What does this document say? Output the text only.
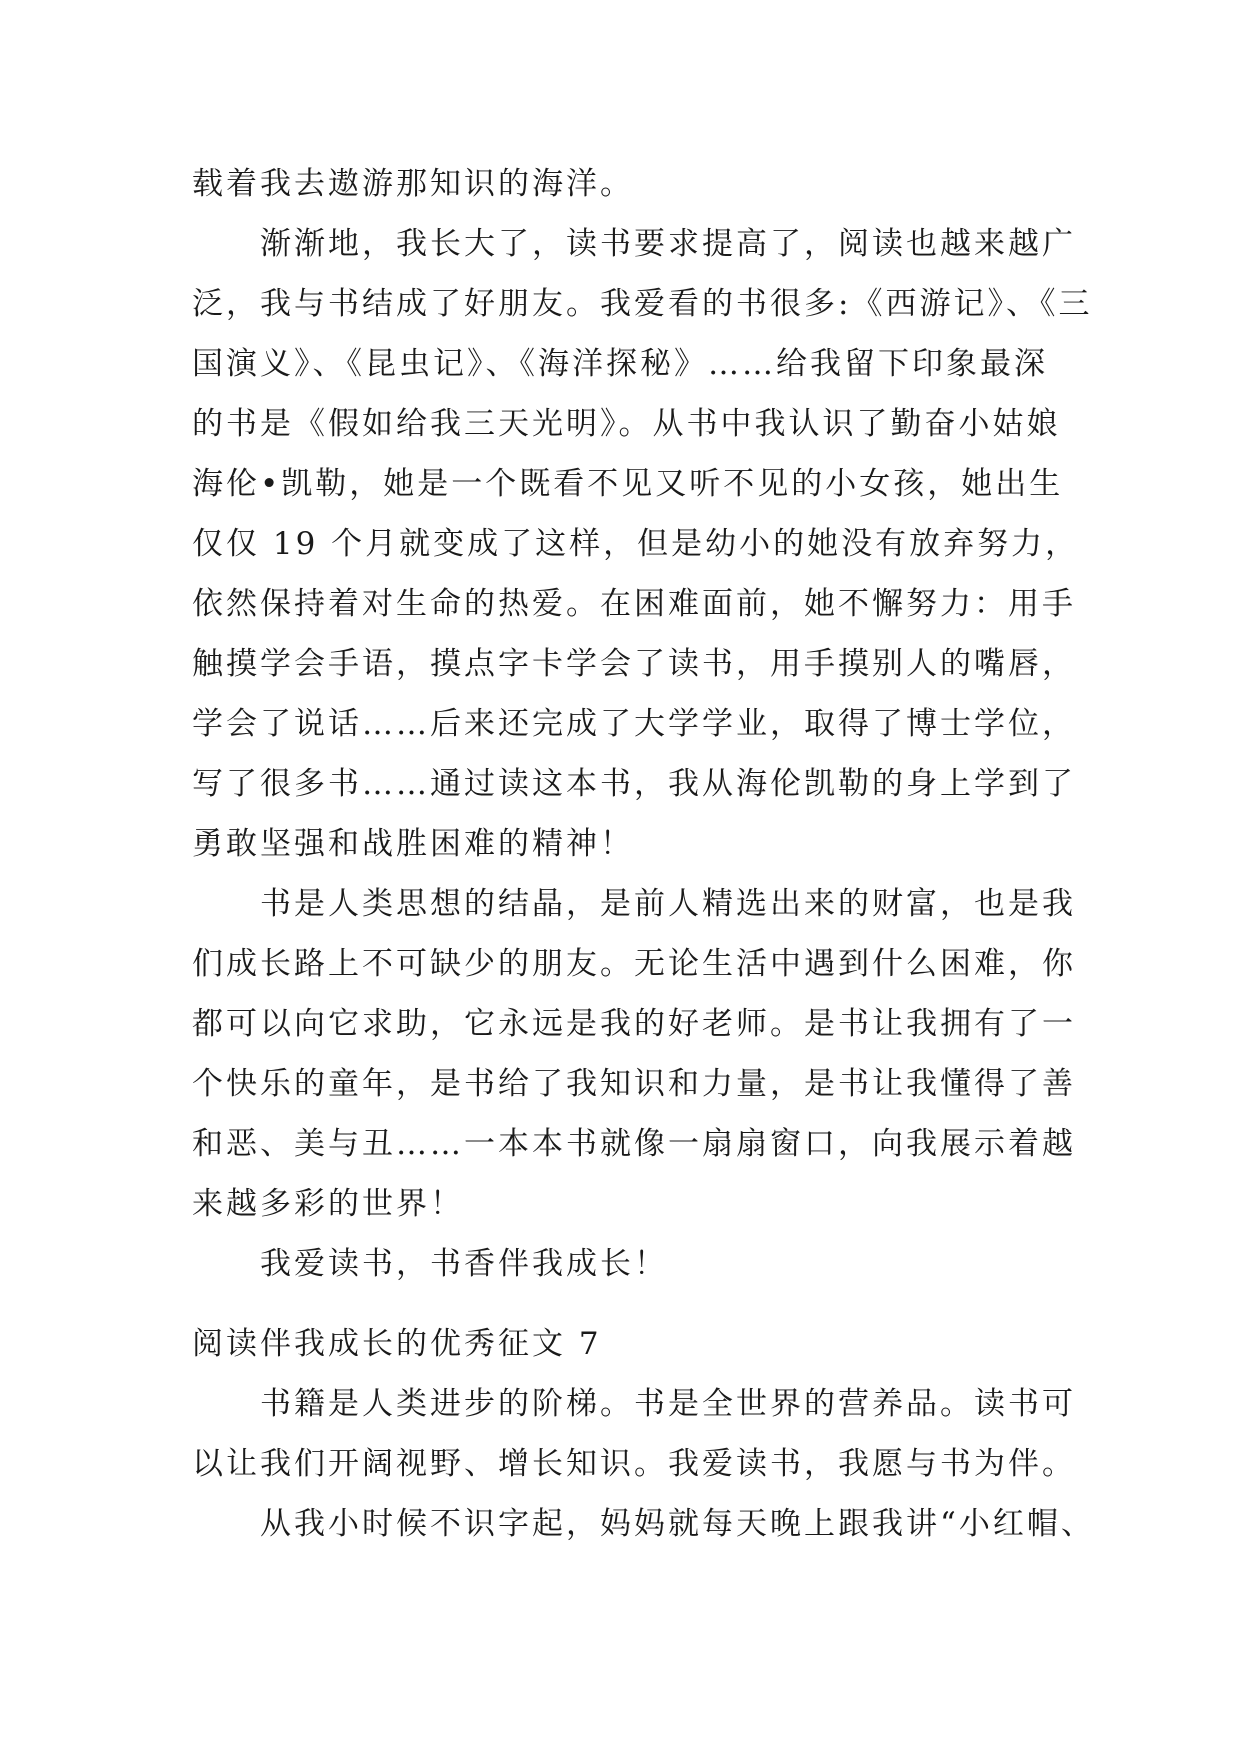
载着我去遨游那知识的海洋。
渐渐地，我长大了，读书要求提高了，阅读也越来越广
泛，我与书结成了好朋友。我爱看的书很多:《西游记》、《三
国演义》、《昆虫记》、《海洋探秘》……给我留下印象最深
的书是《假如给我三天光明》。从书中我认识了勤奋小姑娘
海伦•凯勒，她是一个既看不见又听不见的小女孩，她出生
仅仅 19 个月就变成了这样，但是幼小的她没有放弃努力，
依然保持着对生命的热爱。在困难面前，她不懈努力：用手
触摸学会手语，摸点字卡学会了读书，用手摸别人的嘴唇，
学会了说话……后来还完成了大学学业，取得了博士学位，
写了很多书……通过读这本书，我从海伦凯勒的身上学到了
勇敢坚强和战胜困难的精神！
书是人类思想的结晶，是前人精选出来的财富，也是我
们成长路上不可缺少的朋友。无论生活中遇到什么困难，你
都可以向它求助，它永远是我的好老师。是书让我拥有了一
个快乐的童年，是书给了我知识和力量，是书让我懂得了善
和恶、美与丑……一本本书就像一扇扇窗口，向我展示着越
来越多彩的世界！
我爱读书，书香伴我成长！
阅读伴我成长的优秀征文 7
书籍是人类进步的阶梯。书是全世界的营养品。读书可
以让我们开阔视野、增长知识。我爱读书，我愿与书为伴。
从我小时候不识字起，妈妈就每天晚上跟我讲“小红帽、
